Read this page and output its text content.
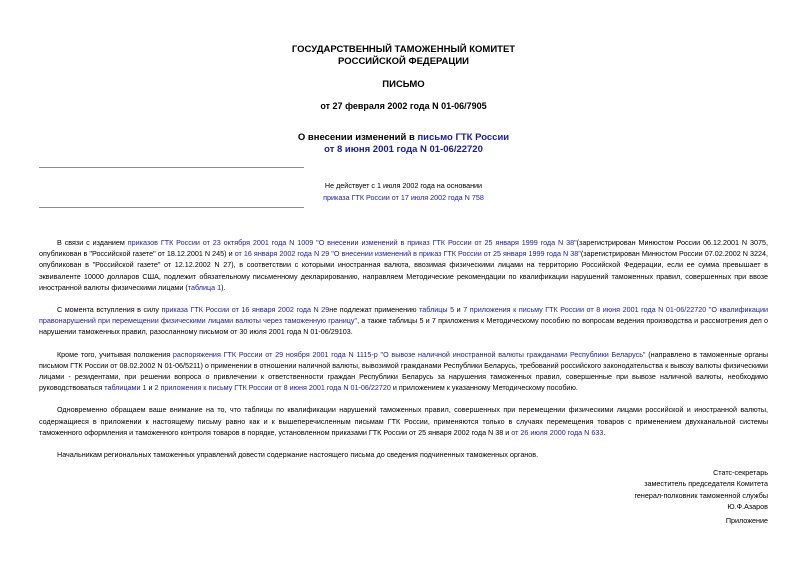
ГОСУДАРСТВЕННЫЙ ТАМОЖЕННЫЙ КОМИТЕТ
РОССИЙСКОЙ ФЕДЕРАЦИИ
ПИСЬМО
от 27 февраля 2002 года N 01-06/7905
О внесении изменений в письмо ГТК России
от 8 июня 2001 года N 01-06/22720
Не действует с 1 июля 2002 года на основании
приказа ГТК России от 17 июля 2002 года N 758

В связи с изданием приказов ГТК России от 23 октября 2001 года N 1009 "О внесении изменений в приказ ГТК России от 25 января 1999 года N 38"(зарегистрирован Минюстом России 06.12.2001 N 3075, опубликован в "Российской газете" от 18.12.2001 N 245) и от 16 января 2002 года N 29 "О внесении изменений в приказ ГТК России от 25 января 1999 года N 38"(зарегистрирован Минюстом России 07.02.2002 N 3224, опубликован в "Российской газете" от 12.12.2002 N 27), в соответствии с которыми иностранная валюта, ввозимая физическими лицами на территорию Российской Федерации, если ее сумма превышает в эквиваленте 10000 долларов США, подлежит обязательному письменному декларированию, направляем Методические рекомендации по квалификации нарушений таможенных правил, совершенных при ввозе иностранной валюты физическими лицами (таблица 1).

С момента вступления в силу приказа ГТК России от 16 января 2002 года N 29не подлежат применению таблицы 5 и 7 приложения к письму ГТК России от 8 июня 2001 года N 01-06/22720 "О квалификации правонарушений при перемещении физическими лицами валюты через таможенную границу", а также таблицы 5 и 7 приложения к Методическому пособию по вопросам ведения производства и рассмотрения дел о нарушении таможенных правил, разосланному письмом от 30 июля 2001 года N 01-06/29103.

Кроме того, учитывая положения распоряжения ГТК России от 29 ноября 2001 года N 1115-р "О вывозе наличной иностранной валюты гражданами Республики Беларусь" (направлено в таможенные органы письмом ГТК России от 08.02.2002 N 01-06/5211) о применении в отношении наличной валюты, вывозимой гражданами Республики Беларусь, требований российского законодательства к вывозу валюты физическими лицами - резидентами, при решении вопроса о привлечении к ответственности граждан Республики Беларусь за нарушения таможенных правил, совершенные при вывозе наличной валюты, необходимо руководствоваться таблицами 1 и 2 приложения к письму ГТК России от 8 июня 2001 года N 01-06/22720 и приложением к указанному Методическому пособию.

Одновременно обращаем ваше внимание на то, что таблицы по квалификации нарушений таможенных правил, совершенных при перемещении физическими лицами российской и иностранной валюты, содержащиеся в приложении к настоящему письму равно как и к вышеперечисленным письмам ГТК России, применяются только в случаях перемещения товаров с применением двухканальной системы таможенного оформления и таможенного контроля товаров в порядке, установленном приказами ГТК России от 25 января 2002 года N 38 и от 26 июля 2000 года N 633.

Начальникам региональных таможенных управлений довести содержание настоящего письма до сведения подчиненных таможенных органов.

Статс-секретарь
заместитель председателя Комитета
генерал-полковник таможенной службы
Ю.Ф.Азаров
Приложение
